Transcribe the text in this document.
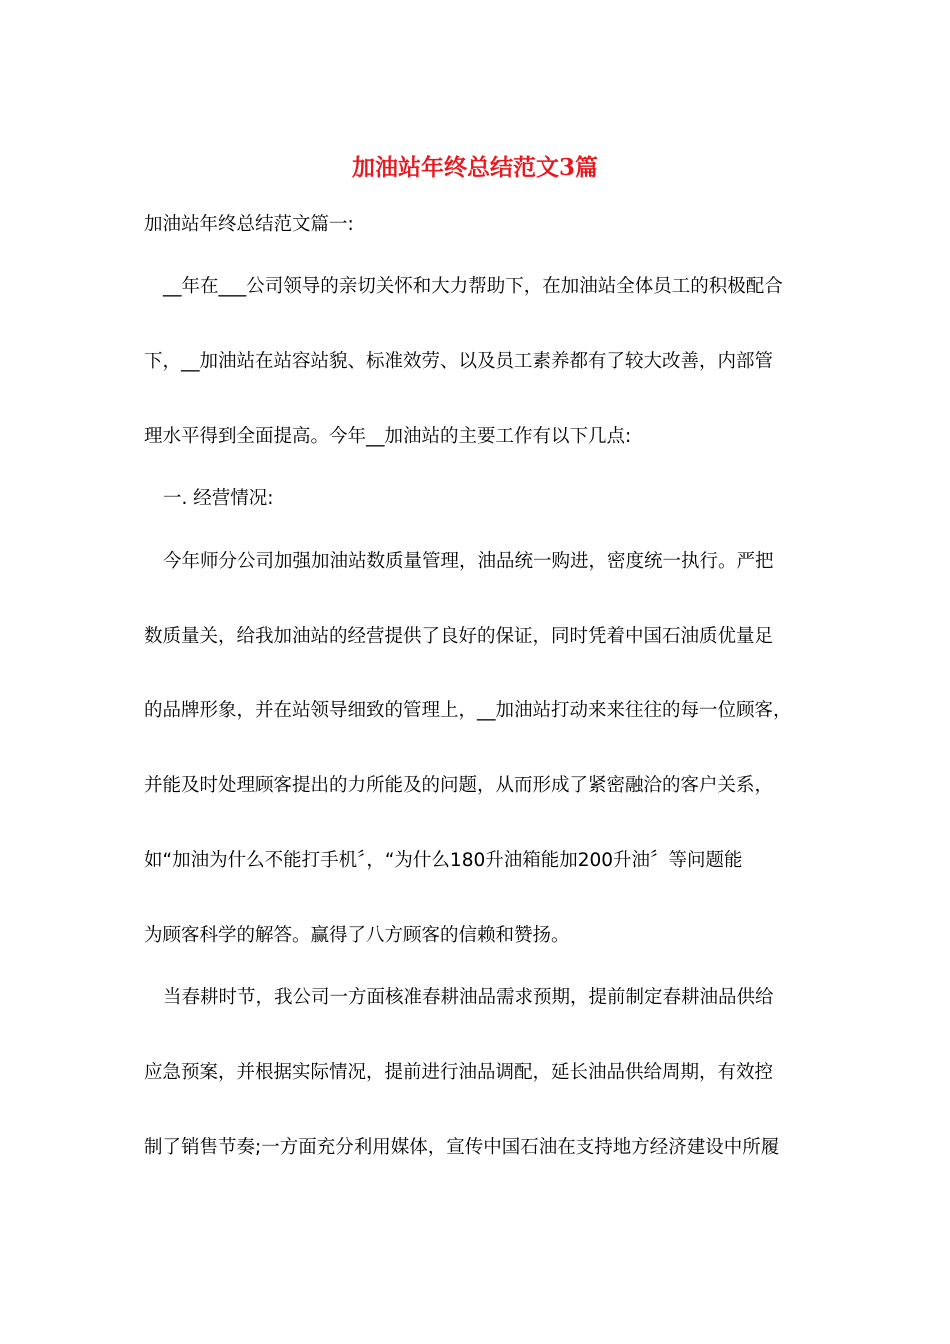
加油站年终总结范文3篇

加油站年终总结范文篇一:

__年在___公司领导的亲切关怀和大力帮助下，在加油站全体员工的积极配合

下，__加油站在站容站貌、标准效劳、以及员工素养都有了较大改善，内部管

理水平得到全面提高。今年__加油站的主要工作有以下几点:

一. 经营情况:

今年师分公司加强加油站数质量管理，油品统一购进，密度统一执行。严把

数质量关，给我加油站的经营提供了良好的保证，同时凭着中国石油质优量足

的品牌形象，并在站领导细致的管理上，__加油站打动来来往往的每一位顾客，

并能及时处理顾客提出的力所能及的问题，从而形成了紧密融洽的客户关系，

如“加油为什么不能打手机〞，“为什么180升油箱能加200升油〞等问题能

为顾客科学的解答。赢得了八方顾客的信赖和赞扬。

当春耕时节，我公司一方面核准春耕油品需求预期，提前制定春耕油品供给

应急预案，并根据实际情况，提前进行油品调配，延长油品供给周期，有效控

制了销售节奏;一方面充分利用媒体，宣传中国石油在支持地方经济建设中所履
